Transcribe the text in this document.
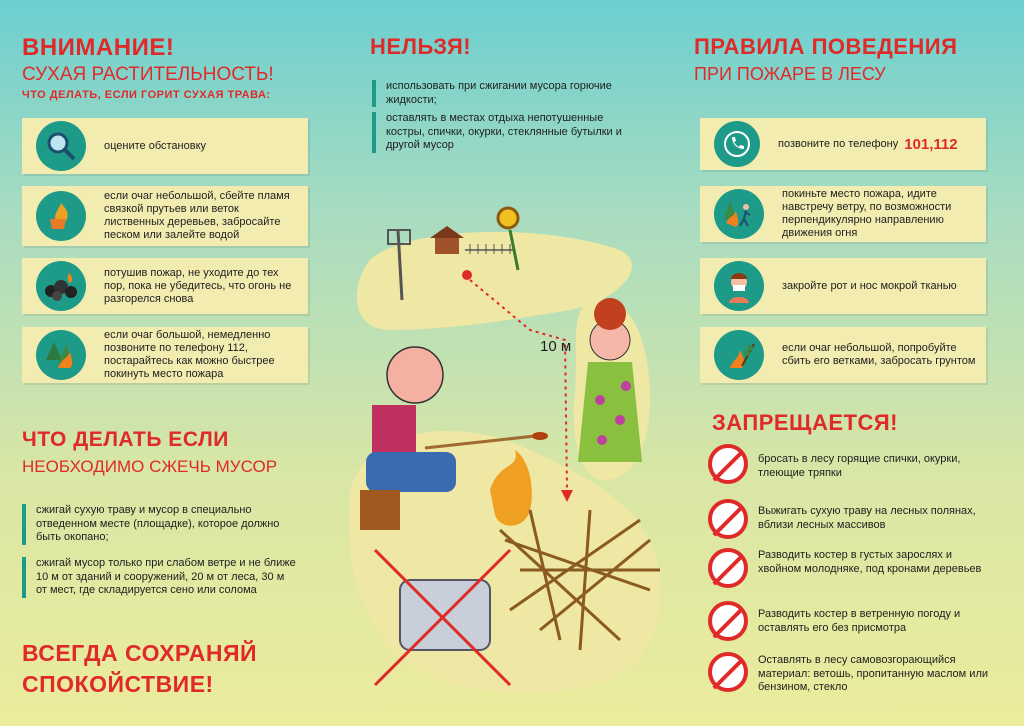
ВНИМАНИЕ!
СУХАЯ РАСТИТЕЛЬНОСТЬ!
ЧТО ДЕЛАТЬ, ЕСЛИ ГОРИТ СУХАЯ ТРАВА:
оцените обстановку
если очаг небольшой, сбейте пламя связкой прутьев или веток лиственных деревьев, забросайте песком или залейте водой
потушив пожар, не уходите до тех пор, пока не убедитесь, что огонь не разгорелся снова
если очаг большой, немедленно позвоните по телефону 112, постарайтесь как можно быстрее покинуть место пожара
ЧТО ДЕЛАТЬ ЕСЛИ
НЕОБХОДИМО СЖЕЧЬ МУСОР
сжигай сухую траву и мусор в специально отведенном месте (площадке), которое должно быть окопано;
сжигай мусор только при слабом ветре и не ближе 10 м от зданий и сооружений, 20 м от леса, 30 м от мест, где складируется сено или солома
ВСЕГДА СОХРАНЯЙ
СПОКОЙСТВИЕ!
НЕЛЬЗЯ!
использовать при сжигании мусора горючие жидкости;
оставлять в местах отдыха непотушенные костры, спички, окурки, стеклянные бутылки и другой мусор
10 м
ПРАВИЛА ПОВЕДЕНИЯ
ПРИ ПОЖАРЕ В ЛЕСУ
позвоните по телефону 101,112
покиньте место пожара, идите навстречу ветру, по возможности перпендикулярно направлению движения огня
закройте рот и нос мокрой тканью
если очаг небольшой, попробуйте сбить его ветками, забросать грунтом
ЗАПРЕЩАЕТСЯ!
бросать в лесу горящие спички, окурки, тлеющие тряпки
Выжигать сухую траву на лесных полянах, вблизи лесных массивов
Разводить костер в густых зарослях и хвойном молодняке, под кронами деревьев
Разводить костер в ветренную погоду и оставлять его без присмотра
Оставлять в лесу самовозгорающийся материал: ветошь, пропитанную маслом или бензином, стекло
